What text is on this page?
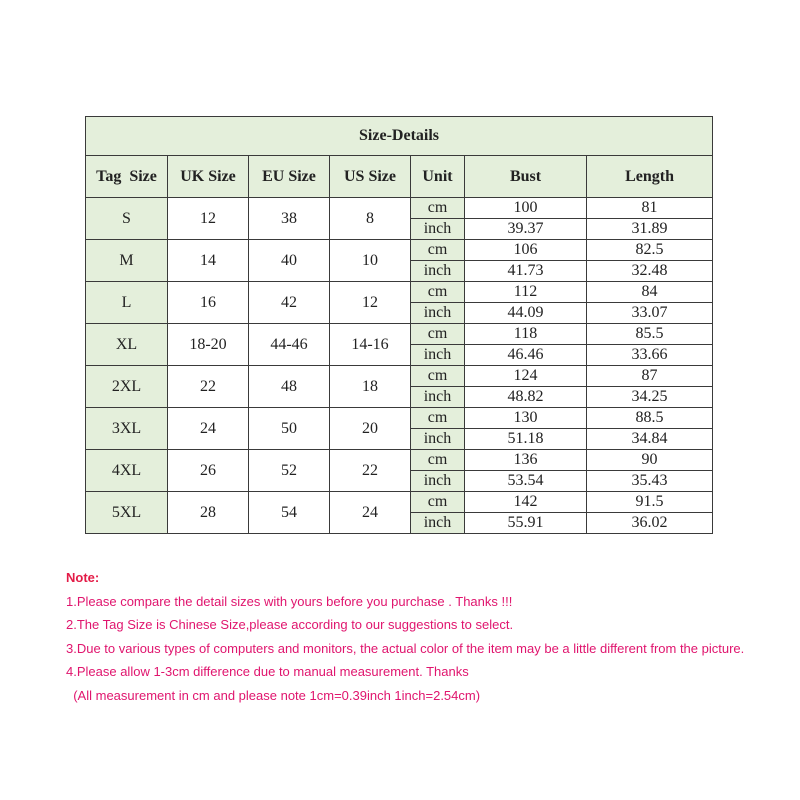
Size-Details						
Tag  Size	UK Size	EU Size	US Size	Unit	Bust	Length
S	12	38	8	cm	100	81
				inch	39.37	31.89
M	14	40	10	cm	106	82.5
				inch	41.73	32.48
L	16	42	12	cm	112	84
				inch	44.09	33.07
XL	18-20	44-46	14-16	cm	118	85.5
				inch	46.46	33.66
2XL	22	48	18	cm	124	87
				inch	48.82	34.25
3XL	24	50	20	cm	130	88.5
				inch	51.18	34.84
4XL	26	52	22	cm	136	90
				inch	53.54	35.43
5XL	28	54	24	cm	142	91.5
				inch	55.91	36.02
Note:
1.Please compare the detail sizes with yours before you purchase . Thanks !!!
2.The Tag Size is Chinese Size,please according to our suggestions to select.
3.Due to various types of computers and monitors, the actual color of the item may be a little different from the picture.
4.Please allow 1-3cm difference due to manual measurement. Thanks
(All measurement in cm and please note 1cm=0.39inch 1inch=2.54cm)
